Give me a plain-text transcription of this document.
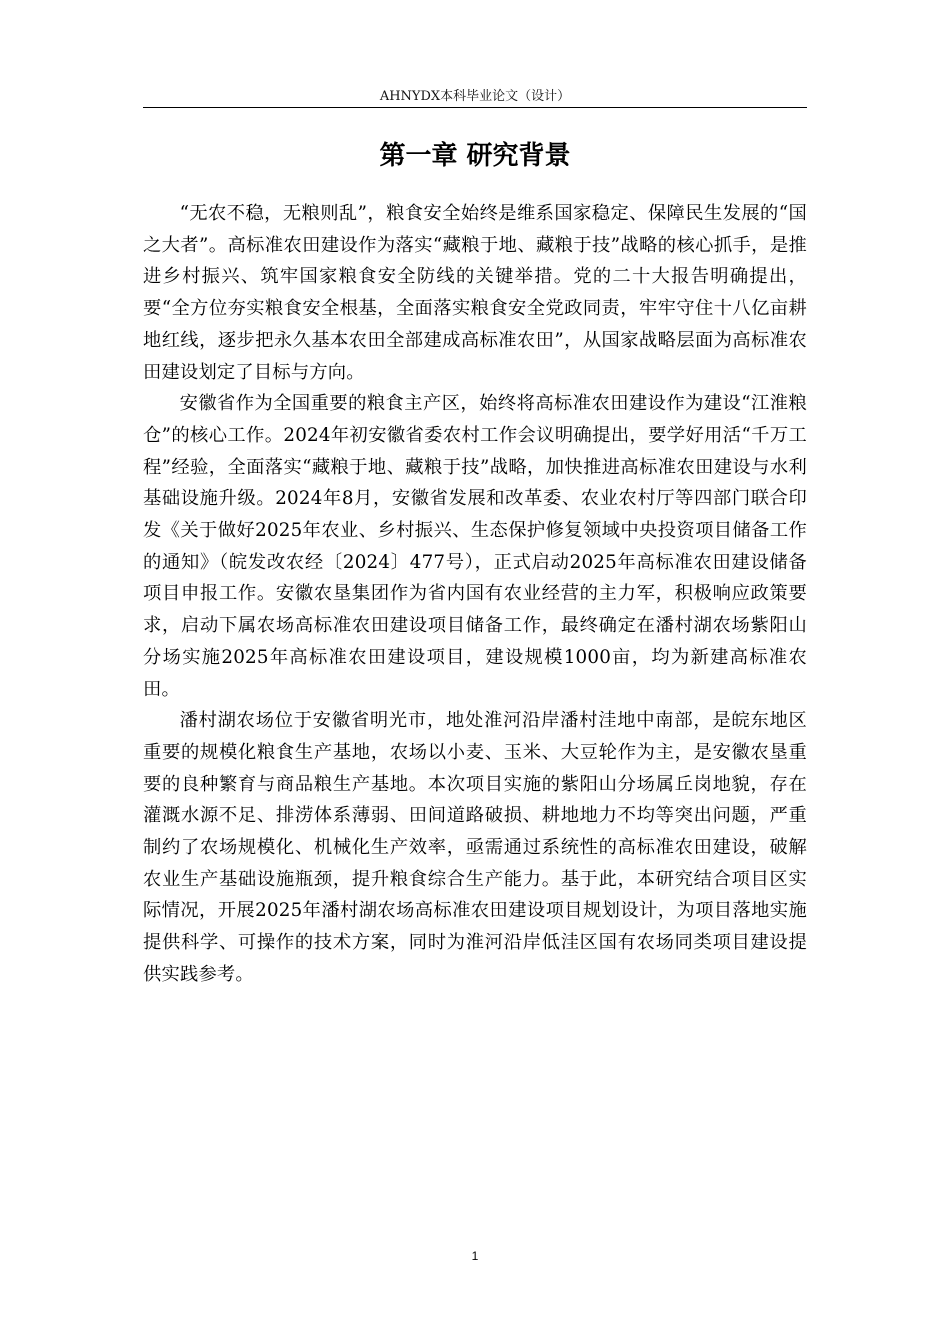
AHNYDX本科毕业论文（设计）
第一章 研究背景

“无农不稳，无粮则乱”，粮食安全始终是维系国家稳定、保障民生发展的“国之大者”。高标准农田建设作为落实“藏粮于地、藏粮于技”战略的核心抓手，是推进乡村振兴、筑牢国家粮食安全防线的关键举措。党的二十大报告明确提出，要“全方位夯实粮食安全根基，全面落实粮食安全党政同责，牢牢守住十八亿亩耕地红线，逐步把永久基本农田全部建成高标准农田”，从国家战略层面为高标准农田建设划定了目标与方向。

安徽省作为全国重要的粮食主产区，始终将高标准农田建设作为建设“江淮粮仓”的核心工作。2024年初安徽省委农村工作会议明确提出，要学好用活“千万工程”经验，全面落实“藏粮于地、藏粮于技”战略，加快推进高标准农田建设与水利基础设施升级。2024年8月，安徽省发展和改革委、农业农村厅等四部门联合印发《关于做好2025年农业、乡村振兴、生态保护修复领域中央投资项目储备工作的通知》（皖发改农经〔2024〕477号），正式启动2025年高标准农田建设储备项目申报工作。安徽农垦集团作为省内国有农业经营的主力军，积极响应政策要求，启动下属农场高标准农田建设项目储备工作，最终确定在潘村湖农场紫阳山分场实施2025年高标准农田建设项目，建设规模1000亩，均为新建高标准农田。

潘村湖农场位于安徽省明光市，地处淮河沿岸潘村洼地中南部，是皖东地区重要的规模化粮食生产基地，农场以小麦、玉米、大豆轮作为主，是安徽农垦重要的良种繁育与商品粮生产基地。本次项目实施的紫阳山分场属丘岗地貌，存在灌溉水源不足、排涝体系薄弱、田间道路破损、耕地地力不均等突出问题，严重制约了农场规模化、机械化生产效率，亟需通过系统性的高标准农田建设，破解农业生产基础设施瓶颈，提升粮食综合生产能力。基于此，本研究结合项目区实际情况，开展2025年潘村湖农场高标准农田建设项目规划设计，为项目落地实施提供科学、可操作的技术方案，同时为淮河沿岸低洼区国有农场同类项目建设提供实践参考。

1
